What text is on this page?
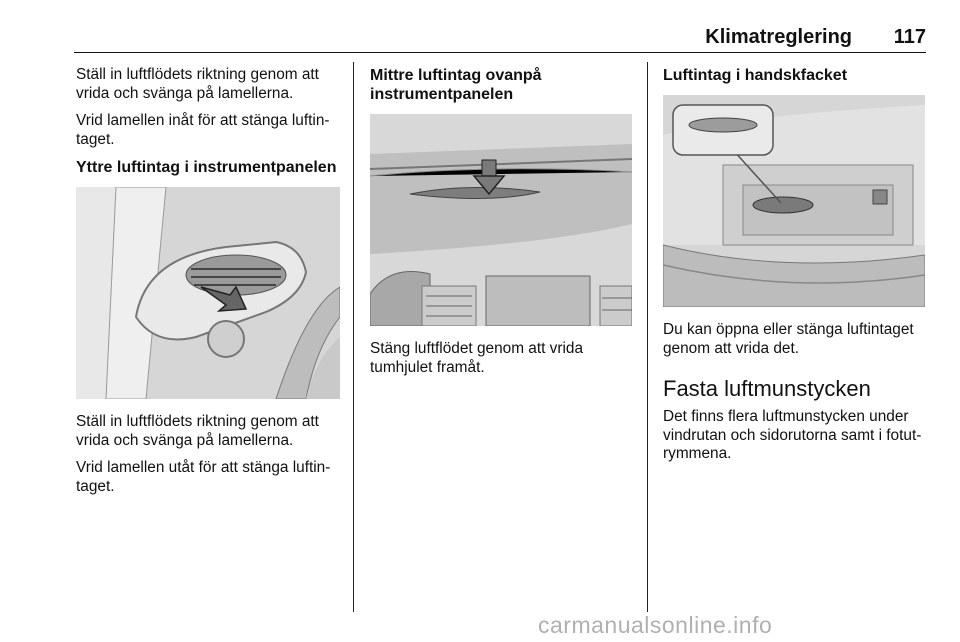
Klimatreglering 117

Ställ in luftflödets riktning genom att vrida och svänga på lamellerna.

Vrid lamellen inåt för att stänga luftin-taget.

Yttre luftintag i instrumentpanelen

Ställ in luftflödets riktning genom att vrida och svänga på lamellerna.

Vrid lamellen utåt för att stänga luftin-taget.

Mittre luftintag ovanpå instrumentpanelen

Stäng luftflödet genom att vrida tumhjulet framåt.

Luftintag i handskfacket

Du kan öppna eller stänga luftintaget genom att vrida det.

Fasta luftmunstycken

Det finns flera luftmunstycken under vindrutan och sidorutorna samt i fotut-rymmena.

carmanualsonline.info
